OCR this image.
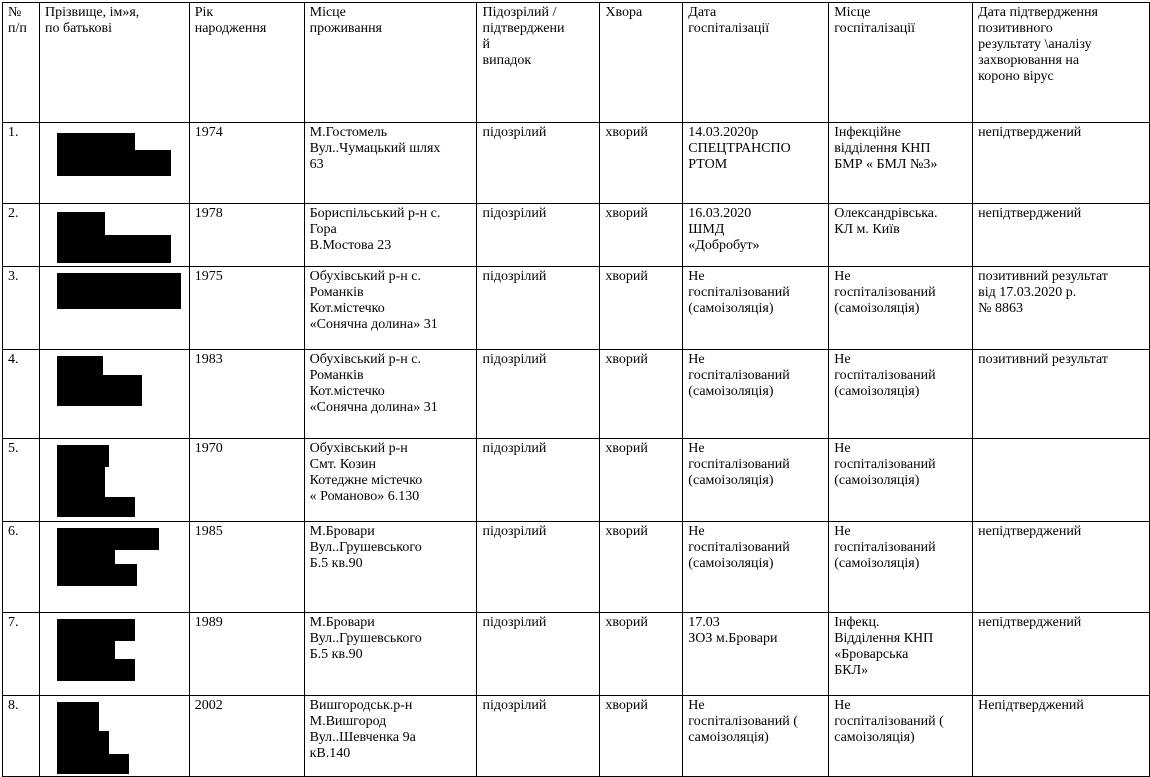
№
п/п	Прізвище, ім»я,
по батькові	Рік
народження	Місце
проживання	Підозрілий /
підтверджени
й
випадок	Хвора	Дата
госпіталізації	Місце
госпіталізації	Дата підтвердження
позитивного
результату \аналізу
захворювання на
короно вірус
1.		1974	М.Гостомель
Вул..Чумацький шлях
63	підозрілий	хворий	14.03.2020р
СПЕЦТРАНСПО
РТОМ	Інфекційне
відділення КНП
БМР « БМЛ №3»	непідтверджений
2.		1978	Бориспільський р-н с.
Гора
В.Мостова 23	підозрілий	хворий	16.03.2020
ШМД
«Добробут»	Олександрівська.
КЛ м. Київ	непідтверджений
3.		1975	Обухівський р-н с.
Романків
Кот.містечко
«Сонячна долина» 31	підозрілий	хворий	Не
госпіталізований
(самоізоляція)	Не
госпіталізований
(самоізоляція)	позитивний результат
від 17.03.2020 р.
№ 8863
4.		1983	Обухівський р-н с.
Романків
Кот.містечко
«Сонячна долина» 31	підозрілий	хворий	Не
госпіталізований
(самоізоляція)	Не
госпіталізований
(самоізоляція)	позитивний результат
5.		1970	Обухівський р-н
Смт. Козин
Котеджне містечко
« Романово» 6.130	підозрілий	хворий	Не
госпіталізований
(самоізоляція)	Не
госпіталізований
(самоізоляція)	
6.		1985	М.Бровари
Вул..Грушевського
Б.5 кв.90	підозрілий	хворий	Не
госпіталізований
(самоізоляція)	Не
госпіталізований
(самоізоляція)	непідтверджений
7.		1989	М.Бровари
Вул..Грушевського
Б.5 кв.90	підозрілий	хворий	17.03
ЗОЗ м.Бровари	Інфекц.
Відділення КНП
«Броварська
БКЛ»	непідтверджений
8.		2002	Вишгородськ.р-н
М.Вишгород
Вул..Шевченка 9а
кВ.140	підозрілий	хворий	Не
госпіталізований (
самоізоляція)	Не
госпіталізований (
самоізоляція)	Непідтверджений
